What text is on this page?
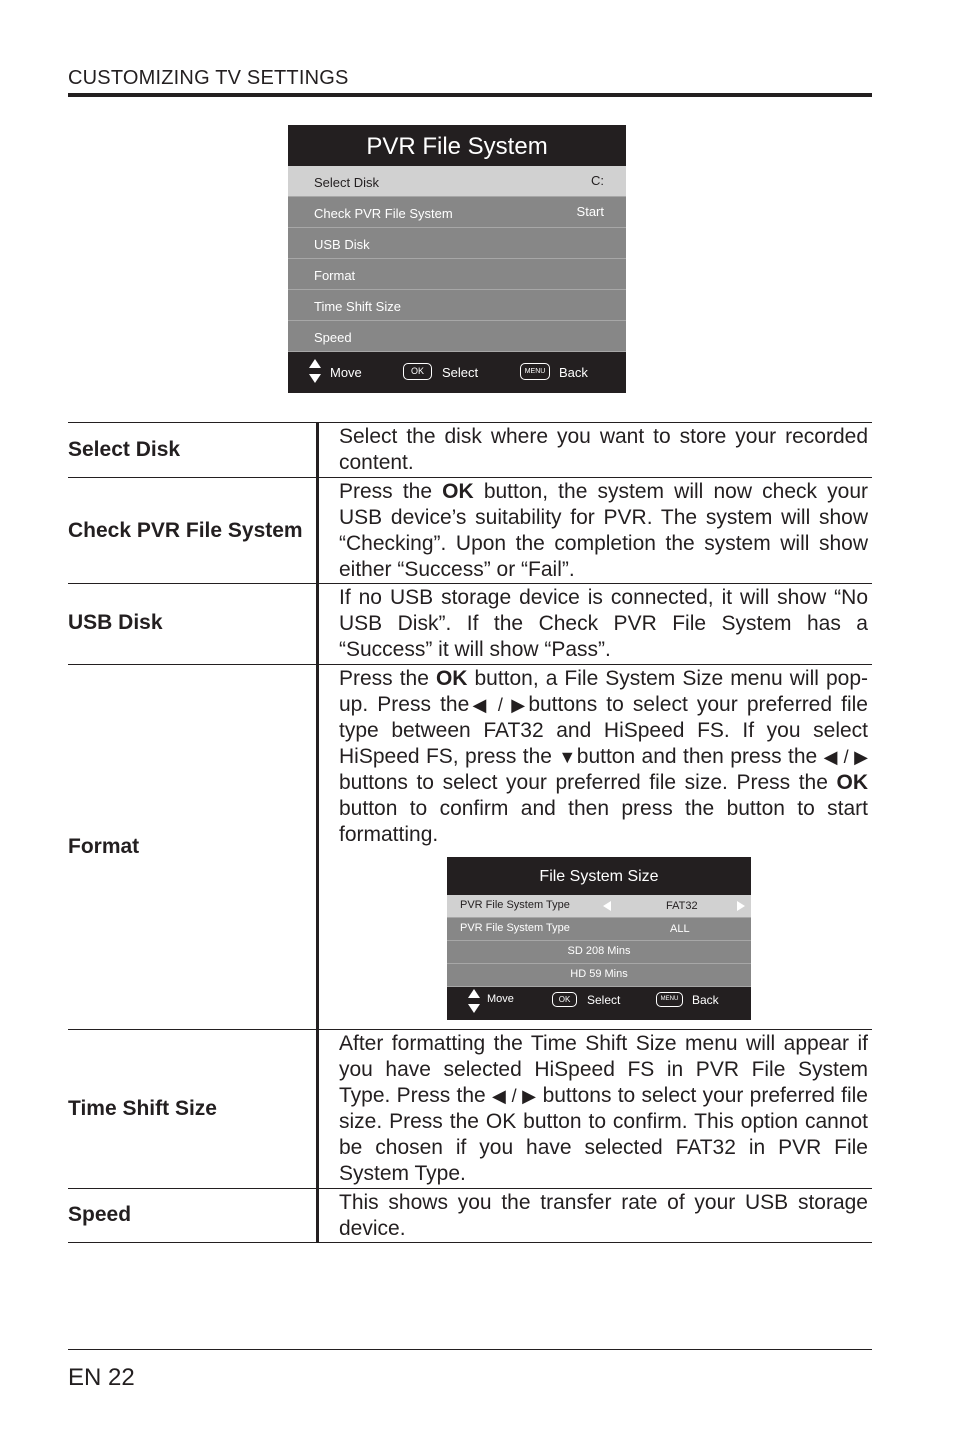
CUSTOMIZING TV SETTINGS
PVR File System
Select Disk	C:
Check PVR File System	Start
USB Disk
Format
Time Shift Size
Speed
Move	OK	Select	MENU	Back
Select Disk
Select the disk where you want to store your recorded content.
Check PVR File System
Press the OK button, the system will now check your USB device’s suitability for PVR. The system will show “Checking”. Upon the completion the system will show either “Success” or “Fail”.
USB Disk
If no USB storage device is connected, it will show “No USB Disk”. If the Check PVR File System has a “Success” it will show “Pass”.
Format
Press the OK button, a File System Size menu will pop-up. Press the◀ / ▶buttons to select your preferred file type between FAT32 and HiSpeed FS. If you select HiSpeed FS, press the ▼button and then press the ◀ / ▶ buttons to select your preferred file size. Press the OK button to confirm and then press the button to start formatting.
Time Shift Size
After formatting the Time Shift Size menu will appear if you have selected HiSpeed FS in PVR File System Type. Press the ◀ / ▶ buttons to select your preferred file size. Press the OK button to confirm. This option cannot be chosen if you have selected FAT32 in PVR File System Type.
Speed
This shows you the transfer rate of your USB storage device.
File System Size
PVR File System Type	FAT32
PVR File System Type	ALL
SD 208 Mins
HD 59 Mins
Move	OK	Select	MENU	Back
EN 22
